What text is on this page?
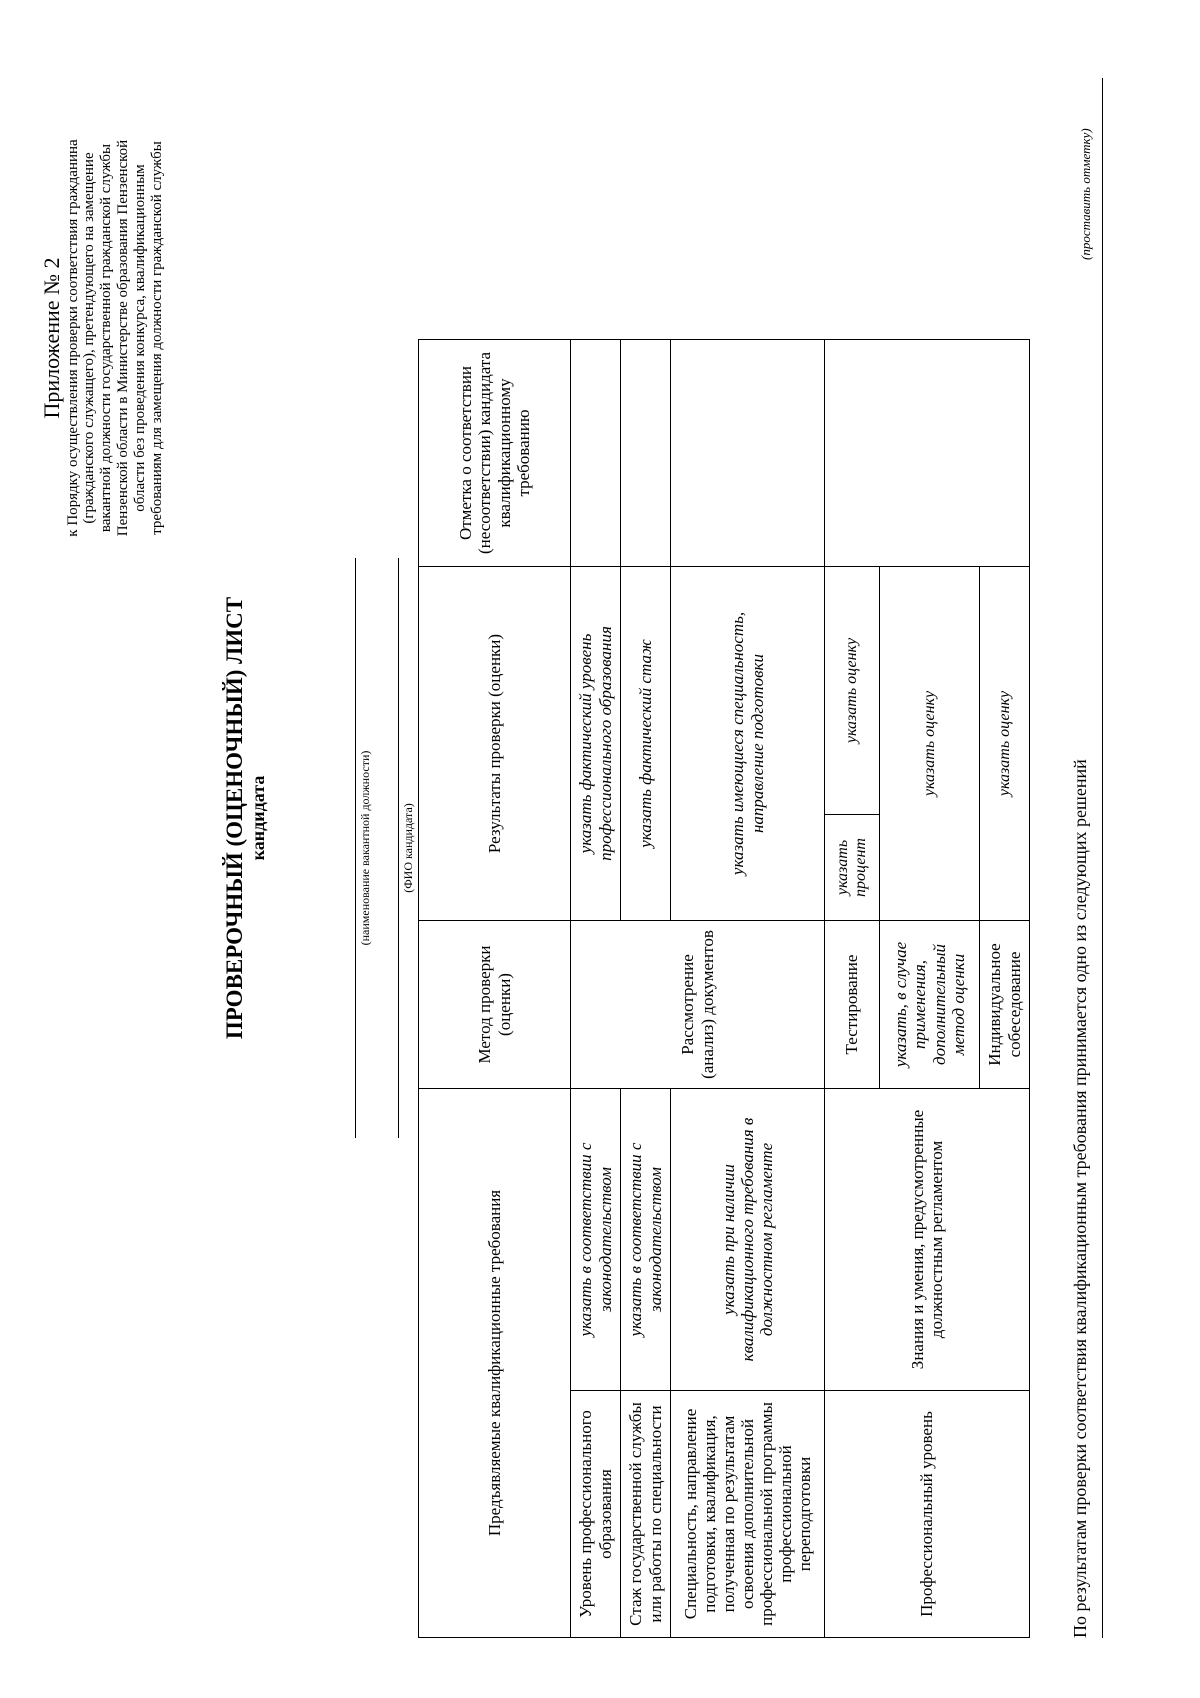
Приложение № 2 к Порядку осуществления проверки соответствия гражданина (гражданского служащего), претендующего на замещение вакантной должности государственной гражданской службы Пензенской области в Министерстве образования Пензенской области без проведения конкурса, квалификационным требованиям для замещения должности гражданской службы
ПРОВЕРОЧНЫЙ (ОЦЕНОЧНЫЙ) ЛИСТ кандидата	(наименование вакантной должности) (ФИО кандидата)
Предъявляемые квалификационные требования		Метод проверки (оценки)	Результаты проверки (оценки)		Отметка о соответствии (несоответствии) кандидата квалификационному требованию
Уровень профессионального образования	указать в соответствии с законодательством	Рассмотрение (анализ) документов	указать фактический уровень профессионального образования		
Стаж государственной службы или работы по специальности	указать в соответствии с законодательством		указать фактический стаж		
Специальность, направление подготовки, квалификация, полученная по результатам освоения дополнительной профессиональной программы профессиональной переподготовки	указать при наличии квалификационного требования в должностном регламенте		указать имеющиеся специальность, направление подготовки		
Профессиональный уровень	Знания и умения, предусмотренные должностным регламентом	Тестирование	указать процент	указать оценку	
		указать, в случае применения, дополнительный метод оценки	указать оценку		
		Индивидуальное собеседование	указать оценку		
По результатам проверки соответствия квалификационным требования принимается одно из следующих решений
(проставить отметку)
